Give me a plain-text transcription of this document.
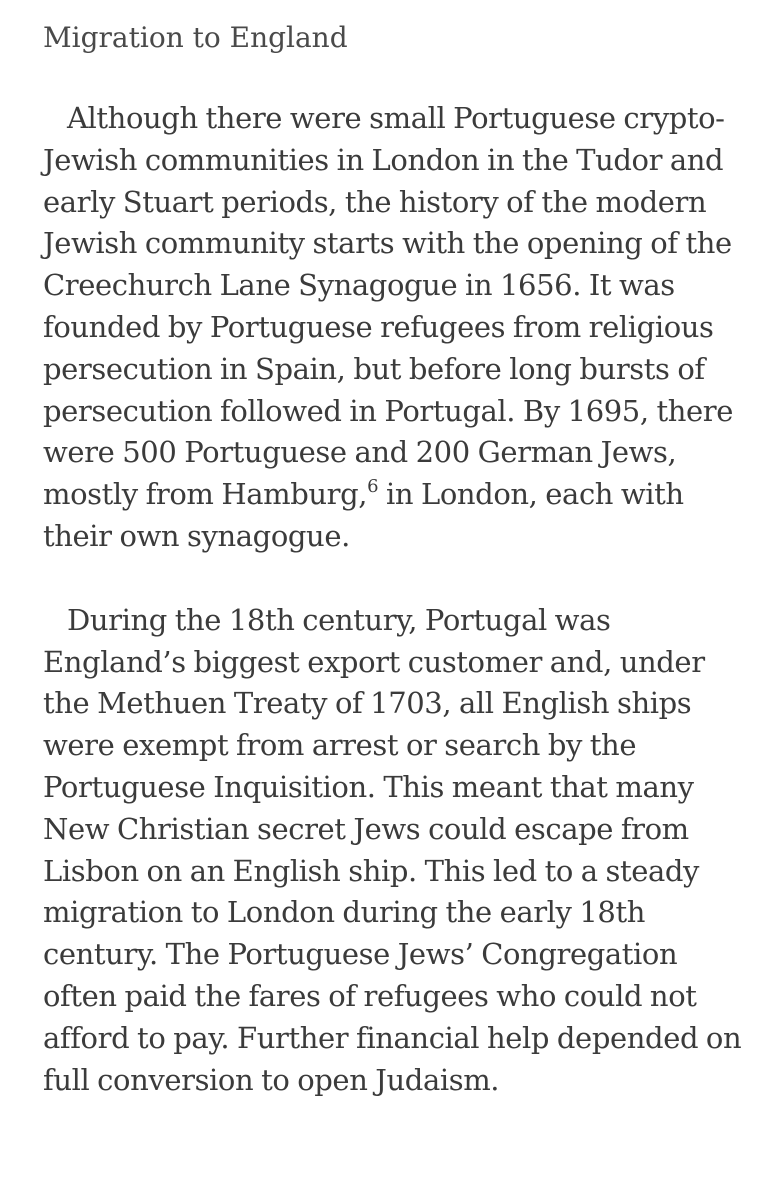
Migration to England

Although there were small Portuguese crypto-Jewish communities in London in the Tudor and early Stuart periods, the history of the modern Jewish community starts with the opening of the Creechurch Lane Synagogue in 1656. It was founded by Portuguese refugees from religious persecution in Spain, but before long bursts of persecution followed in Portugal. By 1695, there were 500 Portuguese and 200 German Jews, mostly from Hamburg,$^6$ in London, each with their own synagogue.

During the 18th century, Portugal was England’s biggest export customer and, under the Methuen Treaty of 1703, all English ships were exempt from arrest or search by the Portuguese Inquisition. This meant that many New Christian secret Jews could escape from Lisbon on an English ship. This led to a steady migration to London during the early 18th century. The Portuguese Jews’ Congregation often paid the fares of refugees who could not afford to pay. Further financial help depended on full conversion to open Judaism.
